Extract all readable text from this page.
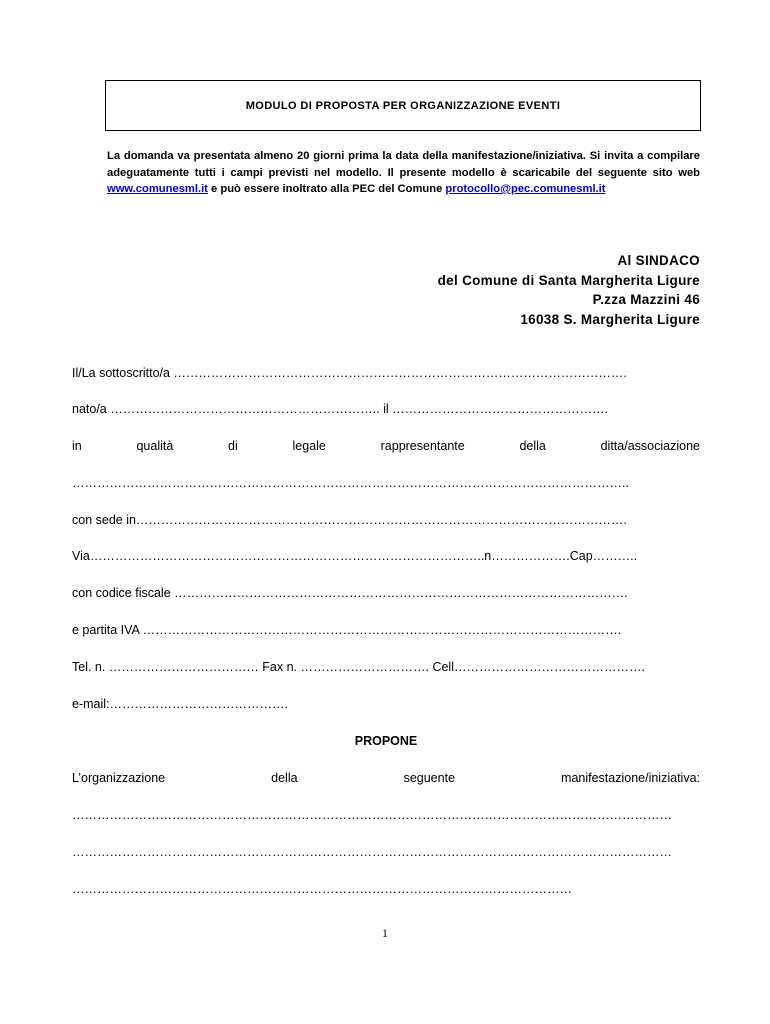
MODULO DI PROPOSTA PER ORGANIZZAZIONE EVENTI
La domanda va presentata almeno 20 giorni prima la data della manifestazione/iniziativa. Si invita a compilare adeguatamente tutti i campi previsti nel modello. Il presente modello è scaricabile del seguente sito web www.comunesml.it e può essere inoltrato alla PEC del Comune protocollo@pec.comunesml.it
Al SINDACO
del Comune di Santa Margherita Ligure
P.zza Mazzini 46
16038 S. Margherita Ligure
Il/La sottoscritto/a ……………………………………………………………………………………………….
nato/a ……………………………………………………….. il …………………………………………….
in	qualità	di	legale	rappresentante	della	ditta/associazione
……………………………………………………………………………………………………………………..
con sede in……………………………………………………………………………………………………….
Via…………………………………………………………………………………..n……………….Cap………..
con codice fiscale ……………………………………………………………………………………………….
e partita IVA …………………………………………………………………………………………………….
Tel. n. ……………………………… Fax n. …………………………. Cell……………………………………….
e-mail:…………………………………….
PROPONE
L’organizzazione	della	seguente	manifestazione/iniziativa:
………………………………………………………………………………………………………………………………
………………………………………………………………………………………………………………………………
…………………………………………………………………………………………………………
1
